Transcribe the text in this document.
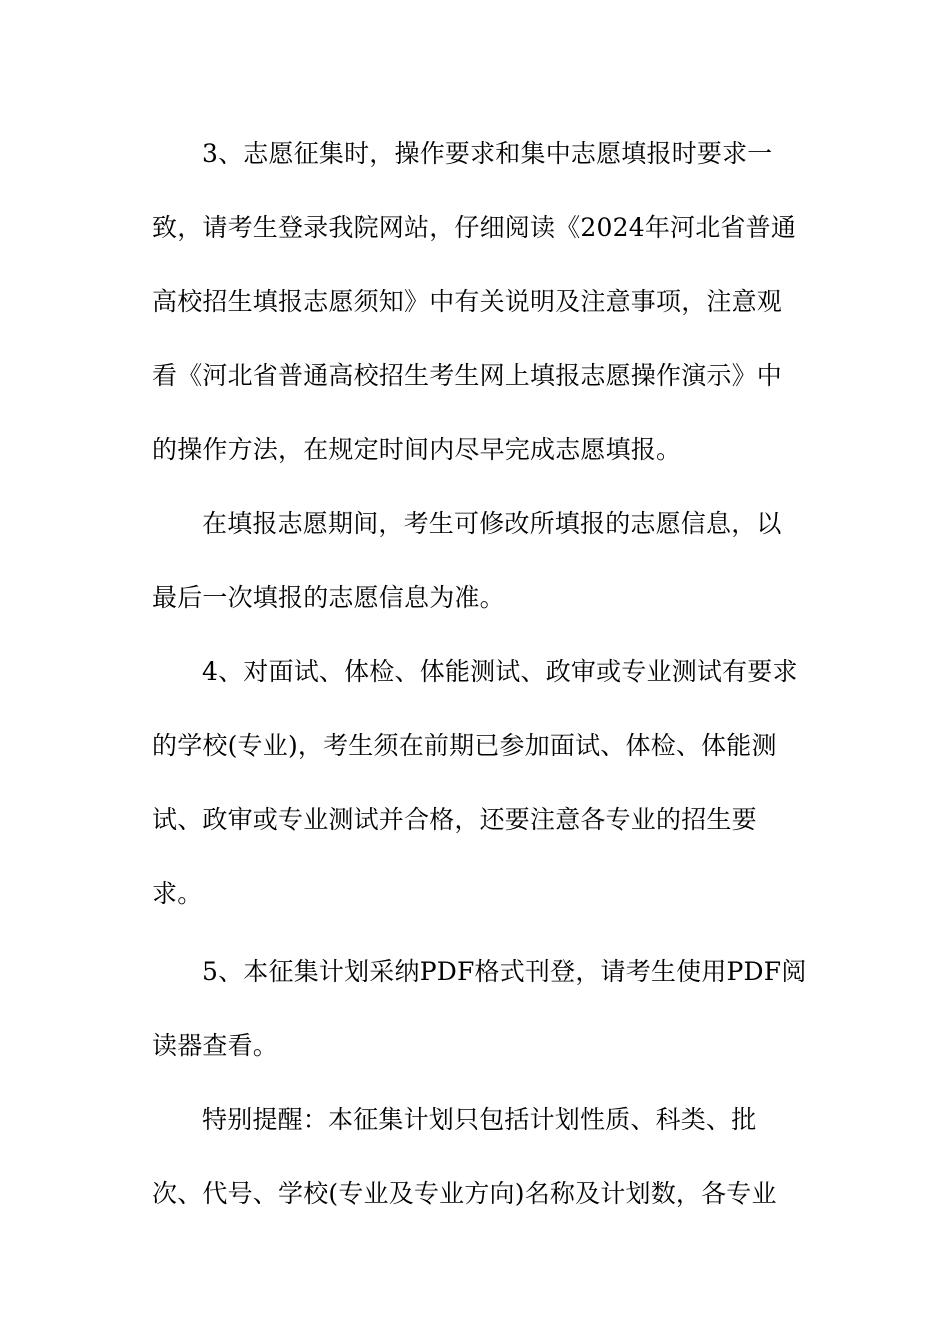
3、志愿征集时，操作要求和集中志愿填报时要求一
致，请考生登录我院网站，仔细阅读《2024年河北省普通
高校招生填报志愿须知》中有关说明及注意事项，注意观
看《河北省普通高校招生考生网上填报志愿操作演示》中
的操作方法，在规定时间内尽早完成志愿填报。
在填报志愿期间，考生可修改所填报的志愿信息，以
最后一次填报的志愿信息为准。
4、对面试、体检、体能测试、政审或专业测试有要求
的学校(专业)，考生须在前期已参加面试、体检、体能测
试、政审或专业测试并合格，还要注意各专业的招生要
求。
5、本征集计划采纳PDF格式刊登，请考生使用PDF阅
读器查看。
特别提醒：本征集计划只包括计划性质、科类、批
次、代号、学校(专业及专业方向)名称及计划数，各专业
